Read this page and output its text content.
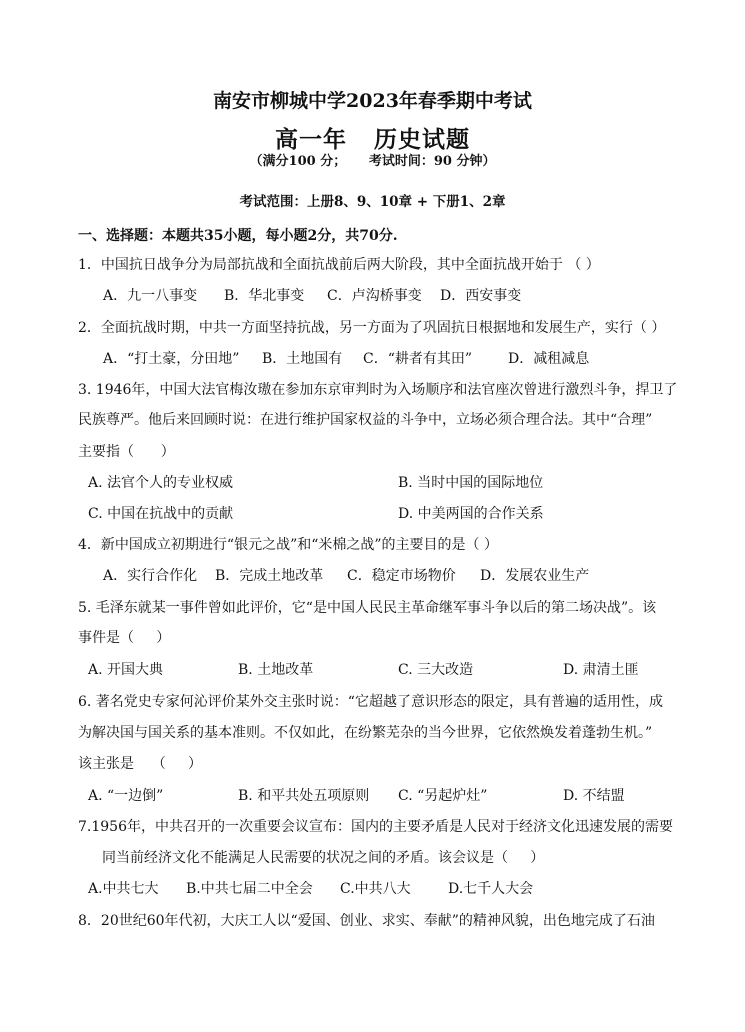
南安市柳城中学2023年春季期中考试
高一年   历史试题
（满分100 分；     考试时间：90 分钟）
考试范围：上册8、9、10章 + 下册1、2章
一、选择题：本题共35小题，每小题2分，共70分.
1．中国抗日战争分为局部抗战和全面抗战前后两大阶段，其中全面抗战开始于 （ ）
A．九一八事变 B．华北事变 C．卢沟桥事变 D．西安事变
2．全面抗战时期，中共一方面坚持抗战，另一方面为了巩固抗日根据地和发展生产，实行（ ）
A．“打土豪，分田地” B．土地国有 C．“耕者有其田”	D．减租减息
3. 1946年，中国大法官梅汝璈在参加东京审判时为入场顺序和法官座次曾进行激烈斗争，捍卫了
民族尊严。他后来回顾时说：在进行维护国家权益的斗争中，立场必须合理合法。其中“合理”
主要指（      ）
A. 法官个人的专业权威	B. 当时中国的国际地位
C. 中国在抗战中的贡献	D. 中美两国的合作关系
4．新中国成立初期进行“银元之战”和“米棉之战”的主要目的是（ ）
A．实行合作化 B．完成土地改革 C．稳定市场物价 D．发展农业生产
5. 毛泽东就某一事件曾如此评价，它“是中国人民民主革命继军事斗争以后的第二场决战”。该
事件是（     ）
A. 开国大典	B. 土地改革	C. 三大改造	D. 肃清土匪
6. 著名党史专家何沁评价某外交主张时说：“它超越了意识形态的限定，具有普遍的适用性，成
为解决国与国关系的基本准则。不仅如此，在纷繁芜杂的当今世界，它依然焕发着蓬勃生机。”
该主张是    （     ）
A. “一边倒”	B. 和平共处五项原则 C. “另起炉灶”	D. 不结盟
7.1956年，中共召开的一次重要会议宣布：国内的主要矛盾是人民对于经济文化迅速发展的需要
同当前经济文化不能满足人民需要的状况之间的矛盾。该会议是（     ）
A.中共七大 B.中共七届二中全会 C.中共八大	D.七千人大会
8．20世纪60年代初，大庆工人以“爱国、创业、求实、奉献”的精神风貌，出色地完成了石油
